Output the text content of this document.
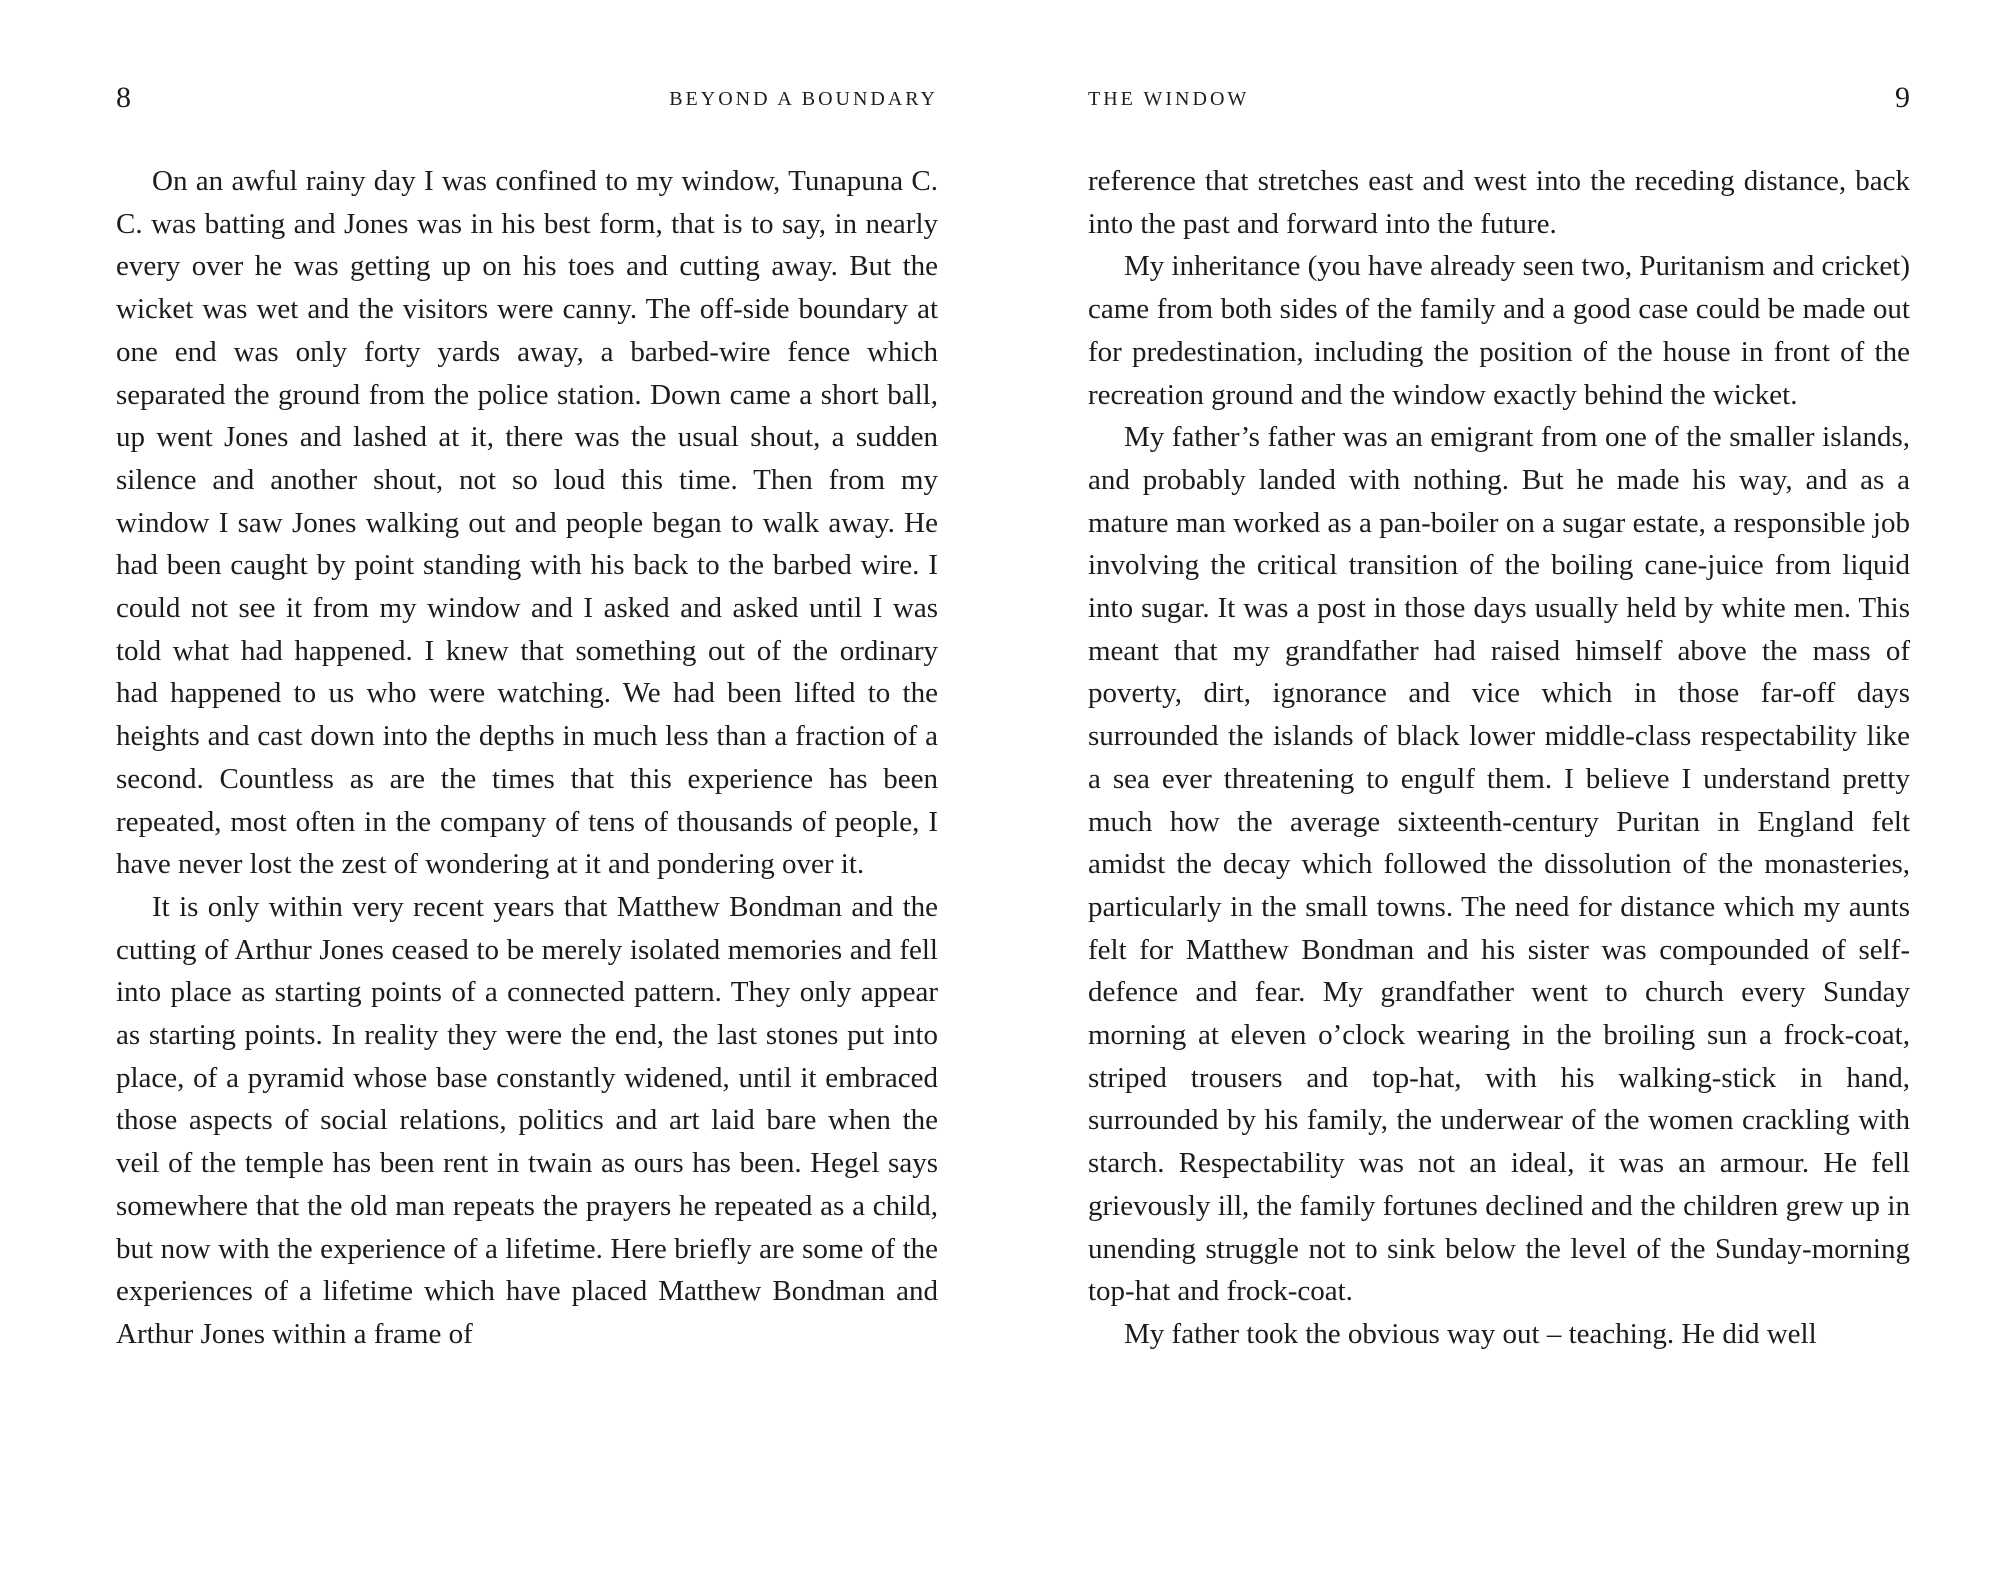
8	BEYOND A BOUNDARY

On an awful rainy day I was confined to my window, Tunapuna C. C. was batting and Jones was in his best form, that is to say, in nearly every over he was getting up on his toes and cutting away. But the wicket was wet and the visitors were canny. The off-side boundary at one end was only forty yards away, a barbed-wire fence which separated the ground from the police station. Down came a short ball, up went Jones and lashed at it, there was the usual shout, a sudden silence and another shout, not so loud this time. Then from my window I saw Jones walking out and people began to walk away. He had been caught by point standing with his back to the barbed wire. I could not see it from my window and I asked and asked until I was told what had happened. I knew that something out of the ordinary had happened to us who were watching. We had been lifted to the heights and cast down into the depths in much less than a fraction of a second. Countless as are the times that this experience has been repeated, most often in the company of tens of thousands of people, I have never lost the zest of wondering at it and pondering over it.

It is only within very recent years that Matthew Bondman and the cutting of Arthur Jones ceased to be merely isolated memories and fell into place as starting points of a connected pattern. They only appear as starting points. In reality they were the end, the last stones put into place, of a pyramid whose base constantly widened, until it embraced those aspects of social relations, politics and art laid bare when the veil of the temple has been rent in twain as ours has been. Hegel says somewhere that the old man repeats the prayers he repeated as a child, but now with the experience of a lifetime. Here briefly are some of the experiences of a lifetime which have placed Matthew Bondman and Arthur Jones within a frame of

THE WINDOW	9

reference that stretches east and west into the receding distance, back into the past and forward into the future.

My inheritance (you have already seen two, Puritanism and cricket) came from both sides of the family and a good case could be made out for predestination, including the position of the house in front of the recreation ground and the window exactly behind the wicket.

My father’s father was an emigrant from one of the smaller islands, and probably landed with nothing. But he made his way, and as a mature man worked as a pan-boiler on a sugar estate, a responsible job involving the critical transition of the boiling cane-juice from liquid into sugar. It was a post in those days usually held by white men. This meant that my grandfather had raised himself above the mass of poverty, dirt, ignorance and vice which in those far-off days surrounded the islands of black lower middle-class respectability like a sea ever threatening to engulf them. I believe I understand pretty much how the average sixteenth-century Puritan in England felt amidst the decay which followed the dissolution of the monasteries, particularly in the small towns. The need for distance which my aunts felt for Matthew Bondman and his sister was compounded of self-defence and fear. My grandfather went to church every Sunday morning at eleven o’clock wearing in the broiling sun a frock-coat, striped trousers and top-hat, with his walking-stick in hand, surrounded by his family, the underwear of the women crackling with starch. Respectability was not an ideal, it was an armour. He fell grievously ill, the family fortunes declined and the children grew up in unending struggle not to sink below the level of the Sunday-morning top-hat and frock-coat.

My father took the obvious way out – teaching. He did well
